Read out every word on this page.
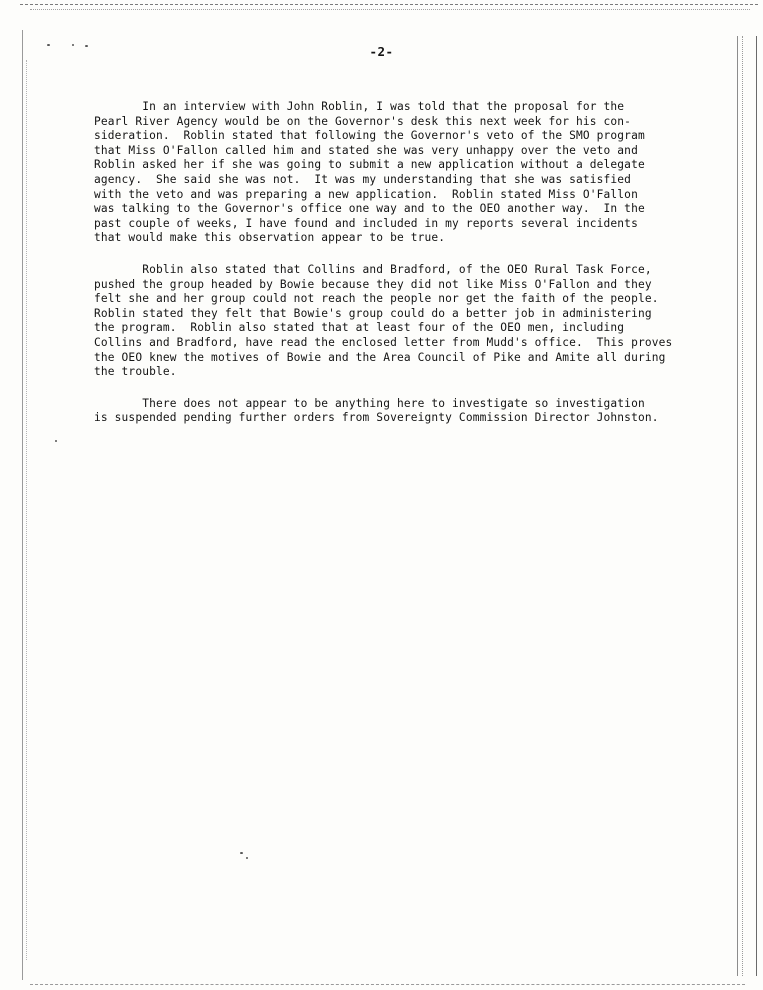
-2-
In an interview with John Roblin, I was told that the proposal for the
Pearl River Agency would be on the Governor's desk this next week for his con-
sideration.  Roblin stated that following the Governor's veto of the SMO program
that Miss O'Fallon called him and stated she was very unhappy over the veto and
Roblin asked her if she was going to submit a new application without a delegate
agency.  She said she was not.  It was my understanding that she was satisfied
with the veto and was preparing a new application.  Roblin stated Miss O'Fallon
was talking to the Governor's office one way and to the OEO another way.  In the
past couple of weeks, I have found and included in my reports several incidents
that would make this observation appear to be true.
Roblin also stated that Collins and Bradford, of the OEO Rural Task Force,
pushed the group headed by Bowie because they did not like Miss O'Fallon and they
felt she and her group could not reach the people nor get the faith of the people.
Roblin stated they felt that Bowie's group could do a better job in administering
the program.  Roblin also stated that at least four of the OEO men, including
Collins and Bradford, have read the enclosed letter from Mudd's office.  This proves
the OEO knew the motives of Bowie and the Area Council of Pike and Amite all during
the trouble.
There does not appear to be anything here to investigate so investigation
is suspended pending further orders from Sovereignty Commission Director Johnston.
